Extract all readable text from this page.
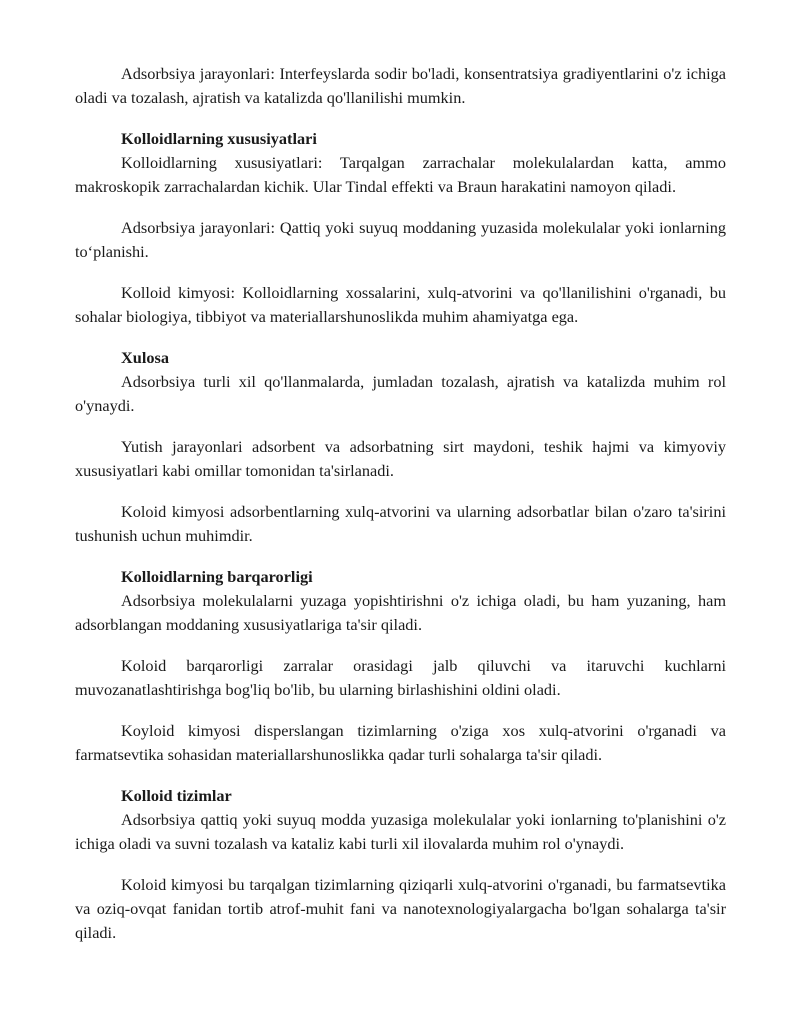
Adsorbsiya jarayonlari: Interfeyslarda sodir bo'ladi, konsentratsiya gradiyentlarini o'z ichiga oladi va tozalash, ajratish va katalizda qo'llanilishi mumkin.

Kolloidlarning xususiyatlari

Kolloidlarning xususiyatlari: Tarqalgan zarrachalar molekulalardan katta, ammo makroskopik zarrachalardan kichik. Ular Tindal effekti va Braun harakatini namoyon qiladi.

Adsorbsiya jarayonlari: Qattiq yoki suyuq moddaning yuzasida molekulalar yoki ionlarning to‘planishi.

Kolloid kimyosi: Kolloidlarning xossalarini, xulq-atvorini va qo'llanilishini o'rganadi, bu sohalar biologiya, tibbiyot va materiallarshunoslikda muhim ahamiyatga ega.

Xulosa

Adsorbsiya turli xil qo'llanmalarda, jumladan tozalash, ajratish va katalizda muhim rol o'ynaydi.

Yutish jarayonlari adsorbent va adsorbatning sirt maydoni, teshik hajmi va kimyoviy xususiyatlari kabi omillar tomonidan ta'sirlanadi.

Koloid kimyosi adsorbentlarning xulq-atvorini va ularning adsorbatlar bilan o'zaro ta'sirini tushunish uchun muhimdir.

Kolloidlarning barqarorligi

Adsorbsiya molekulalarni yuzaga yopishtirishni o'z ichiga oladi, bu ham yuzaning, ham adsorblangan moddaning xususiyatlariga ta'sir qiladi.

Koloid barqarorligi zarralar orasidagi jalb qiluvchi va itaruvchi kuchlarni muvozanatlashtirishga bog'liq bo'lib, bu ularning birlashishini oldini oladi.

Koyloid kimyosi disperslangan tizimlarning o'ziga xos xulq-atvorini o'rganadi va farmatsevtika sohasidan materiallarshunoslikka qadar turli sohalarga ta'sir qiladi.

Kolloid tizimlar

Adsorbsiya qattiq yoki suyuq modda yuzasiga molekulalar yoki ionlarning to'planishini o'z ichiga oladi va suvni tozalash va kataliz kabi turli xil ilovalarda muhim rol o'ynaydi.

Koloid kimyosi bu tarqalgan tizimlarning qiziqarli xulq-atvorini o'rganadi, bu farmatsevtika va oziq-ovqat fanidan tortib atrof-muhit fani va nanotexnologiyalargacha bo'lgan sohalarga ta'sir qiladi.
